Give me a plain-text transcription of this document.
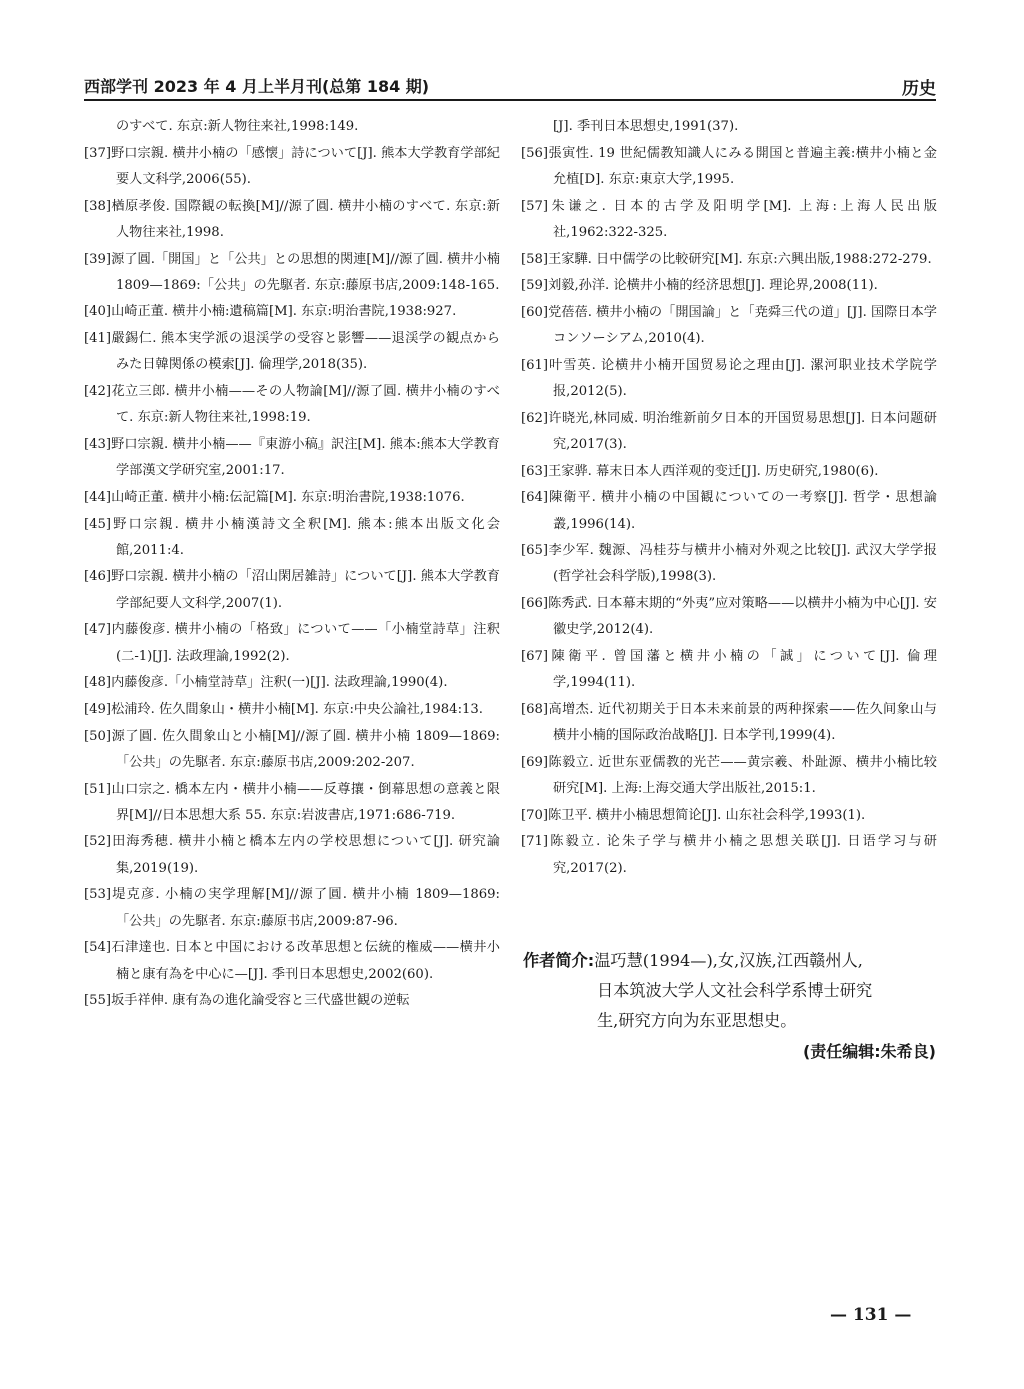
西部学刊 2023 年 4 月上半月刊(总第 184 期)	历史
のすべて. 东京:新人物往来社,1998:149.
[37]野口宗親. 横井小楠の「感懐」詩について[J]. 熊本大学教育学部紀要人文科学,2006(55).
[38]楢原孝俊. 国際観の転換[M]//源了圓. 横井小楠のすべて. 东京:新人物往来社,1998.
[39]源了圓.「開国」と「公共」との思想的関連[M]//源了圓. 横井小楠 1809—1869:「公共」の先駆者. 东京:藤原书店,2009:148-165.
[40]山崎正董. 横井小楠:遺稿篇[M]. 东京:明治書院,1938:927.
[41]嚴錫仁. 熊本実学派の退渓学の受容と影響——退渓学の観点からみた日韓関係の模索[J]. 倫理学,2018(35).
[42]花立三郎. 横井小楠——その人物論[M]//源了圓. 横井小楠のすべて. 东京:新人物往来社,1998:19.
[43]野口宗親. 横井小楠——『東游小稿』訳注[M]. 熊本:熊本大学教育学部漢文学研究室,2001:17.
[44]山崎正董. 横井小楠:伝記篇[M]. 东京:明治書院,1938:1076.
[45]野口宗親. 横井小楠漢詩文全釈[M]. 熊本:熊本出版文化会館,2011:4.
[46]野口宗親. 横井小楠の「沼山閑居雑詩」について[J]. 熊本大学教育学部紀要人文科学,2007(1).
[47]内藤俊彦. 横井小楠の「格致」について——「小楠堂詩草」注釈(二-1)[J]. 法政理論,1992(2).
[48]内藤俊彦.「小楠堂詩草」注釈(一)[J]. 法政理論,1990(4).
[49]松浦玲. 佐久間象山・横井小楠[M]. 东京:中央公論社,1984:13.
[50]源了圓. 佐久間象山と小楠[M]//源了圓. 横井小楠 1809—1869:「公共」の先駆者. 东京:藤原书店,2009:202-207.
[51]山口宗之. 橋本左内・横井小楠——反尊攘・倒幕思想の意義と限界[M]//日本思想大系 55. 东京:岩波書店,1971:686-719.
[52]田海秀穂. 横井小楠と橋本左内の学校思想について[J]. 研究論集,2019(19).
[53]堤克彦. 小楠の実学理解[M]//源了圓. 横井小楠 1809—1869:「公共」の先駆者. 东京:藤原书店,2009:87-96.
[54]石津達也. 日本と中国における改革思想と伝統的権威——横井小楠と康有為を中心に—[J]. 季刊日本思想史,2002(60).
[55]坂手祥伸. 康有為の進化論受容と三代盛世観の逆転
[J]. 季刊日本思想史,1991(37).
[56]張寅性. 19 世紀儒教知識人にみる開国と普遍主義:横井小楠と金允植[D]. 东京:東京大学,1995.
[57]朱谦之. 日本的古学及阳明学[M]. 上海:上海人民出版社,1962:322-325.
[58]王家驊. 日中儒学の比較研究[M]. 东京:六興出版,1988:272-279.
[59]刘毅,孙洋. 论横井小楠的经济思想[J]. 理论界,2008(11).
[60]党蓓蓓. 横井小楠の「開国論」と「尭舜三代の道」[J]. 国際日本学コンソーシアム,2010(4).
[61]叶雪英. 论横井小楠开国贸易论之理由[J]. 漯河职业技术学院学报,2012(5).
[62]许晓光,林同威. 明治维新前夕日本的开国贸易思想[J]. 日本问题研究,2017(3).
[63]王家骅. 幕末日本人西洋观的变迁[J]. 历史研究,1980(6).
[64]陳衛平. 横井小楠の中国観についての一考察[J]. 哲学・思想論叢,1996(14).
[65]李少军. 魏源、冯桂芬与横井小楠对外观之比较[J]. 武汉大学学报(哲学社会科学版),1998(3).
[66]陈秀武. 日本幕末期的“外夷”应对策略——以横井小楠为中心[J]. 安徽史学,2012(4).
[67]陳衛平. 曾国藩と横井小楠の「誠」について[J]. 倫理学,1994(11).
[68]高增杰. 近代初期关于日本未来前景的两种探索——佐久间象山与横井小楠的国际政治战略[J]. 日本学刊,1999(4).
[69]陈毅立. 近世东亚儒教的光芒——黄宗羲、朴趾源、横井小楠比较研究[M]. 上海:上海交通大学出版社,2015:1.
[70]陈卫平. 横井小楠思想简论[J]. 山东社会科学,1993(1).
[71]陈毅立. 论朱子学与横井小楠之思想关联[J]. 日语学习与研究,2017(2).
作者简介:温巧慧(1994—),女,汉族,江西赣州人,
日本筑波大学人文社会科学系博士研究
生,研究方向为东亚思想史。
(责任编辑:朱希良)
— 131 —
